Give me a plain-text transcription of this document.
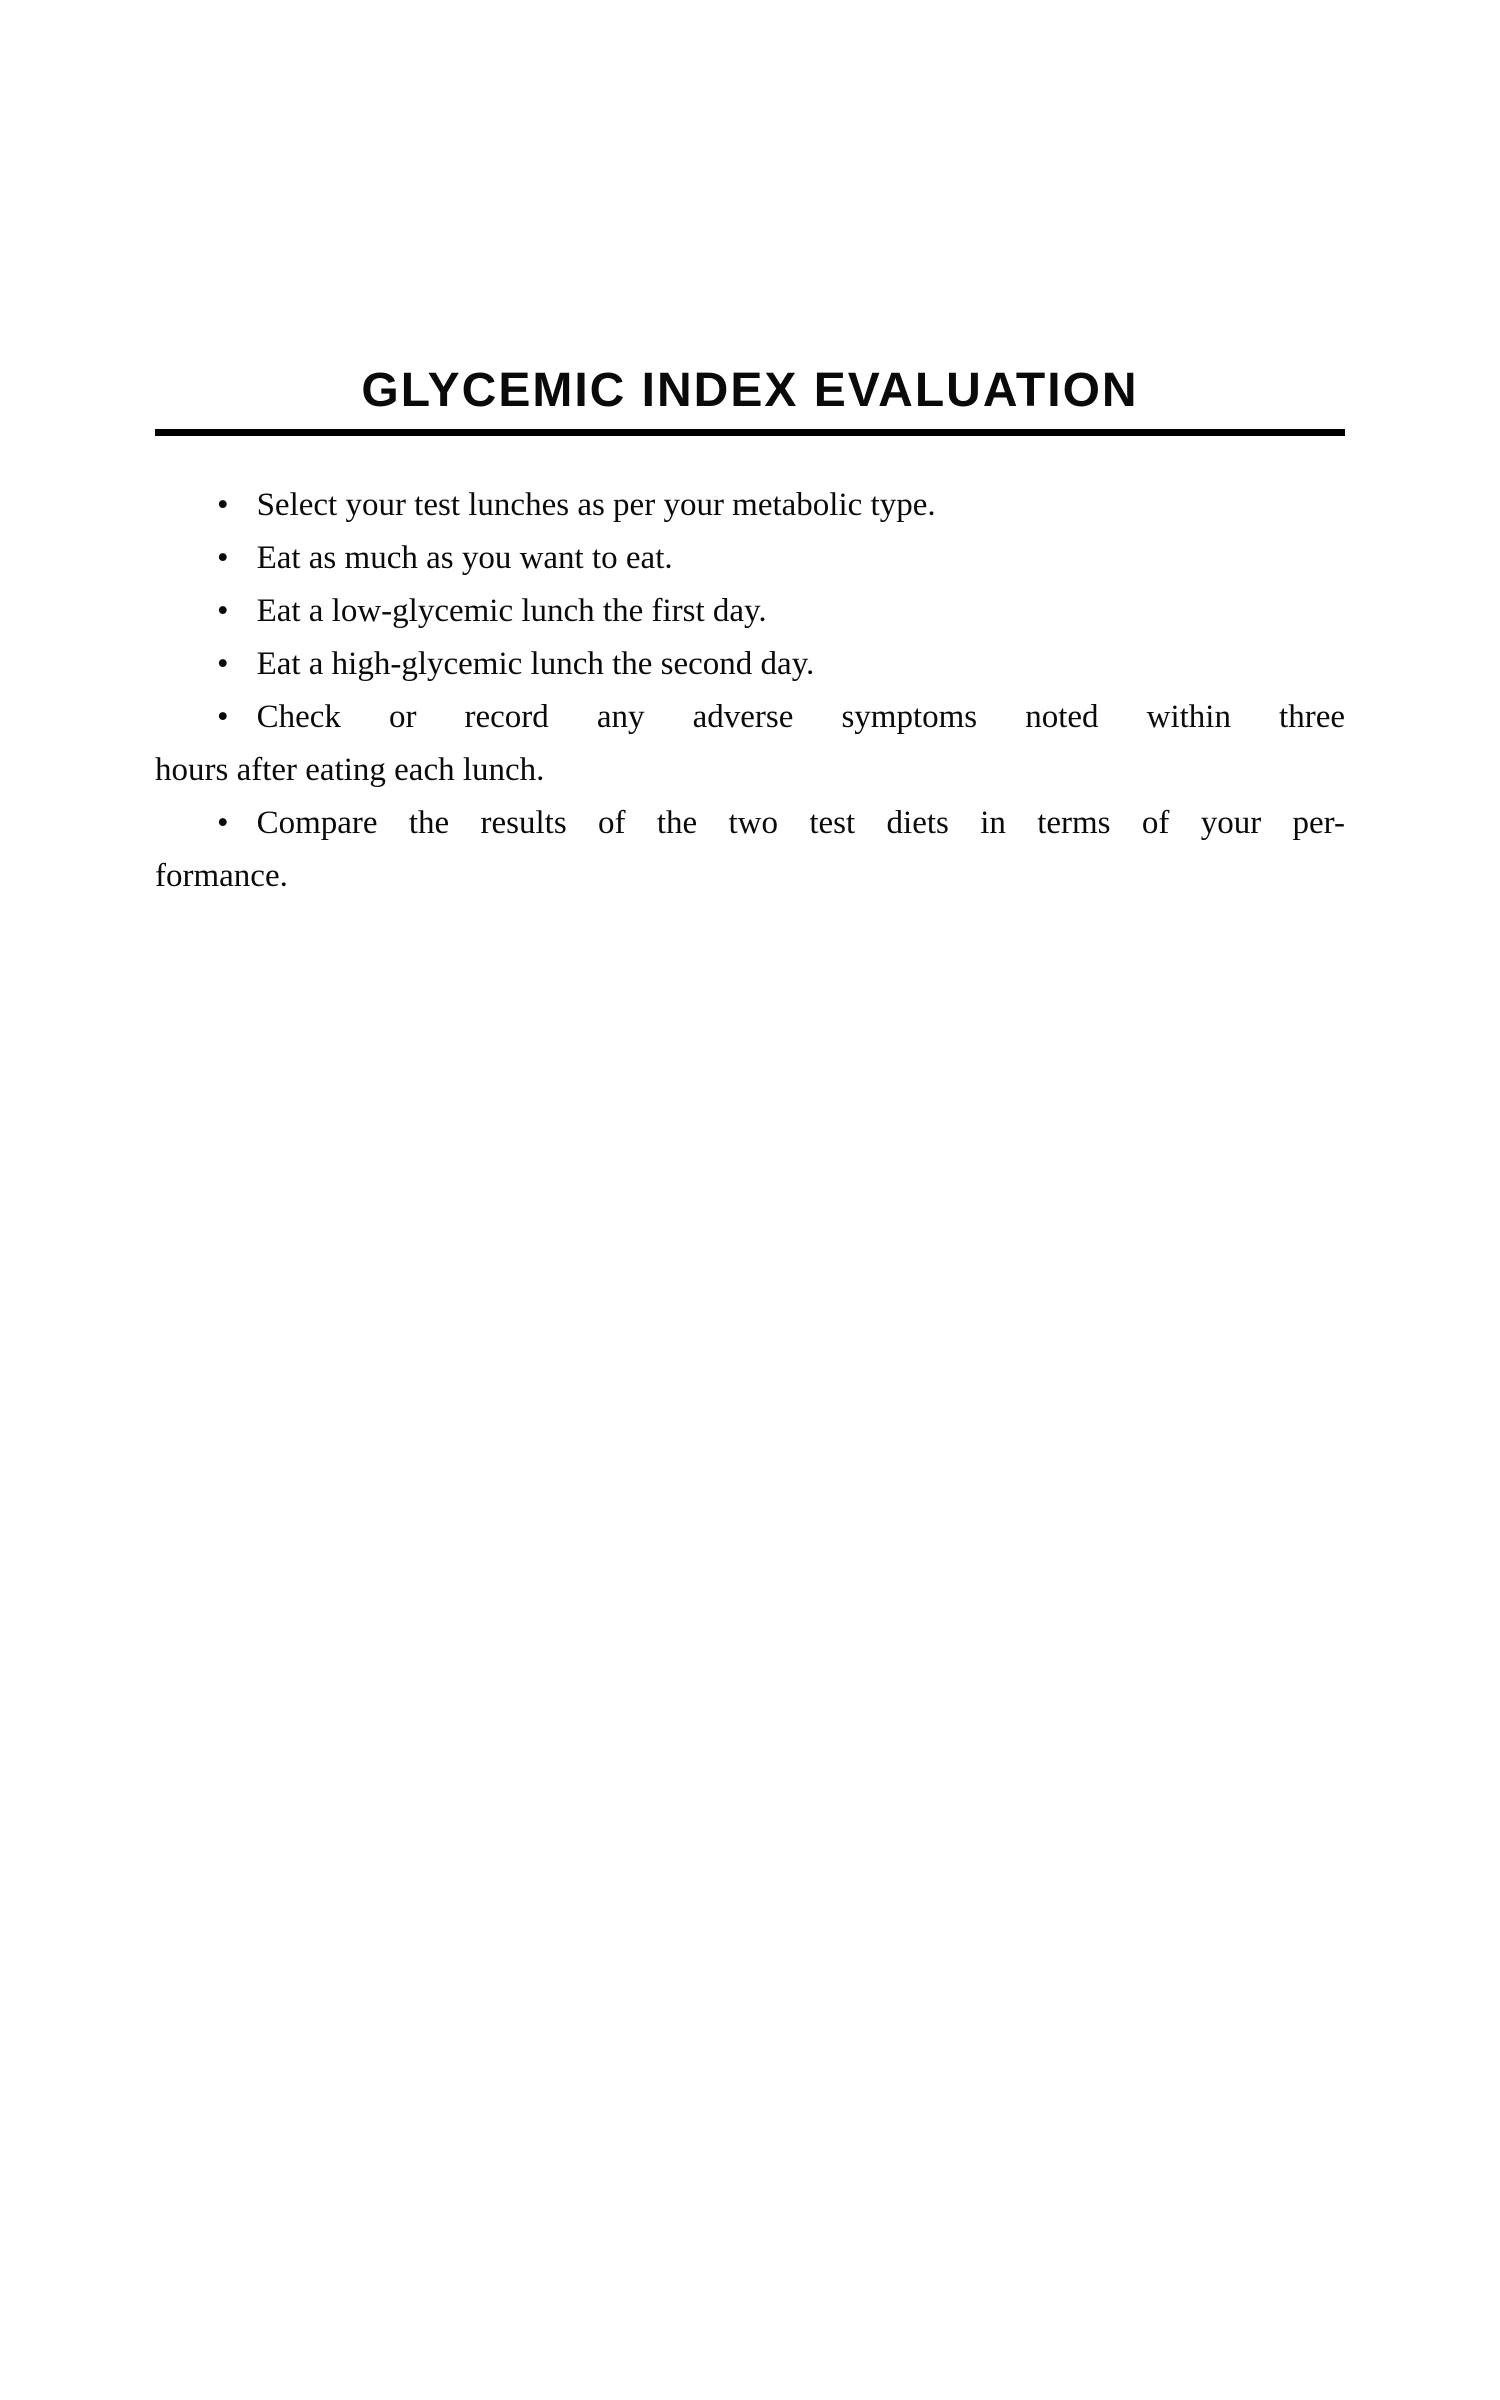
GLYCEMIC INDEX EVALUATION
• Select your test lunches as per your metabolic type.
• Eat as much as you want to eat.
• Eat a low-glycemic lunch the first day.
• Eat a high-glycemic lunch the second day.
• Check or record any adverse symptoms noted within three
hours after eating each lunch.
• Compare the results of the two test diets in terms of your per-
formance.
